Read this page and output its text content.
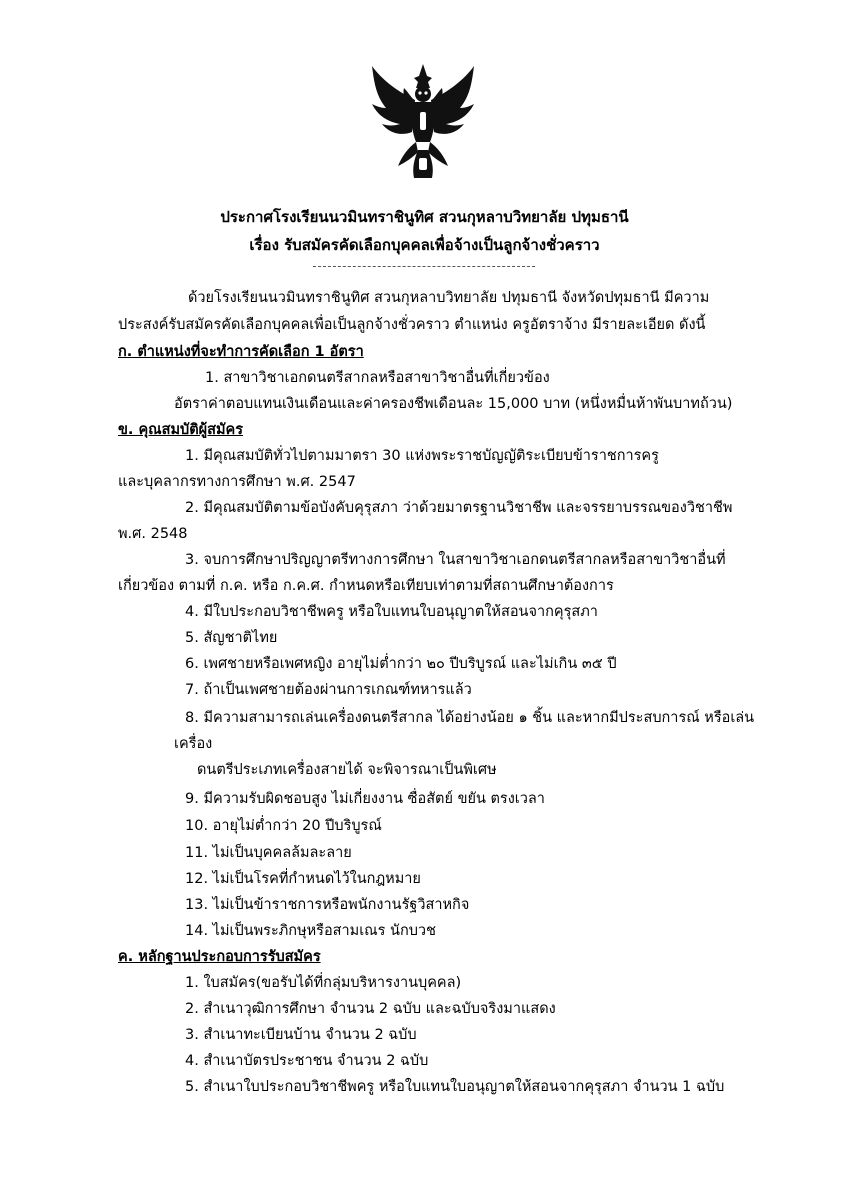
ประกาศโรงเรียนนวมินทราชินูทิศ สวนกุหลาบวิทยาลัย ปทุมธานี
เรื่อง รับสมัครคัดเลือกบุคคลเพื่อจ้างเป็นลูกจ้างชั่วคราว
ด้วยโรงเรียนนวมินทราชินูทิศ สวนกุหลาบวิทยาลัย ปทุมธานี จังหวัดปทุมธานี มีความ
ประสงค์รับสมัครคัดเลือกบุคคลเพื่อเป็นลูกจ้างชั่วคราว ตำแหน่ง ครูอัตราจ้าง มีรายละเอียด ดังนี้
ก. ตำแหน่งที่จะทำการคัดเลือก 1 อัตรา
1. สาขาวิชาเอกดนตรีสากลหรือสาขาวิชาอื่นที่เกี่ยวข้อง
อัตราค่าตอบแทนเงินเดือนและค่าครองชีพเดือนละ 15,000 บาท (หนึ่งหมื่นห้าพันบาทถ้วน)
ข. คุณสมบัติผู้สมัคร
1. มีคุณสมบัติทั่วไปตามมาตรา 30 แห่งพระราชบัญญัติระเบียบข้าราชการครู
และบุคลากรทางการศึกษา พ.ศ. 2547
2. มีคุณสมบัติตามข้อบังคับคุรุสภา ว่าด้วยมาตรฐานวิชาชีพ และจรรยาบรรณของวิชาชีพ
พ.ศ. 2548
3. จบการศึกษาปริญญาตรีทางการศึกษา ในสาขาวิชาเอกดนตรีสากลหรือสาขาวิชาอื่นที่
เกี่ยวข้อง ตามที่ ก.ค. หรือ ก.ค.ศ. กำหนดหรือเทียบเท่าตามที่สถานศึกษาต้องการ
4. มีใบประกอบวิชาชีพครู หรือใบแทนใบอนุญาตให้สอนจากคุรุสภา
5. สัญชาติไทย
6. เพศชายหรือเพศหญิง อายุไม่ต่ำกว่า ๒๐ ปีบริบูรณ์ และไม่เกิน ๓๕ ปี
7. ถ้าเป็นเพศชายต้องผ่านการเกณฑ์ทหารแล้ว
8. มีความสามารถเล่นเครื่องดนตรีสากล ได้อย่างน้อย ๑ ชิ้น และหากมีประสบการณ์ หรือเล่น
เครื่อง
ดนตรีประเภทเครื่องสายได้ จะพิจารณาเป็นพิเศษ
9. มีความรับผิดชอบสูง ไม่เกี่ยงงาน ซื่อสัตย์ ขยัน ตรงเวลา
10. อายุไม่ต่ำกว่า 20 ปีบริบูรณ์
11. ไม่เป็นบุคคลล้มละลาย
12. ไม่เป็นโรคที่กำหนดไว้ในกฎหมาย
13. ไม่เป็นข้าราชการหรือพนักงานรัฐวิสาหกิจ
14. ไม่เป็นพระภิกษุหรือสามเณร นักบวช
ค. หลักฐานประกอบการรับสมัคร
1. ใบสมัคร(ขอรับได้ที่กลุ่มบริหารงานบุคคล)
2. สำเนาวุฒิการศึกษา จำนวน 2 ฉบับ และฉบับจริงมาแสดง
3. สำเนาทะเบียนบ้าน จำนวน 2 ฉบับ
4. สำเนาบัตรประชาชน จำนวน 2 ฉบับ
5. สำเนาใบประกอบวิชาชีพครู หรือใบแทนใบอนุญาตให้สอนจากคุรุสภา จำนวน 1 ฉบับ
